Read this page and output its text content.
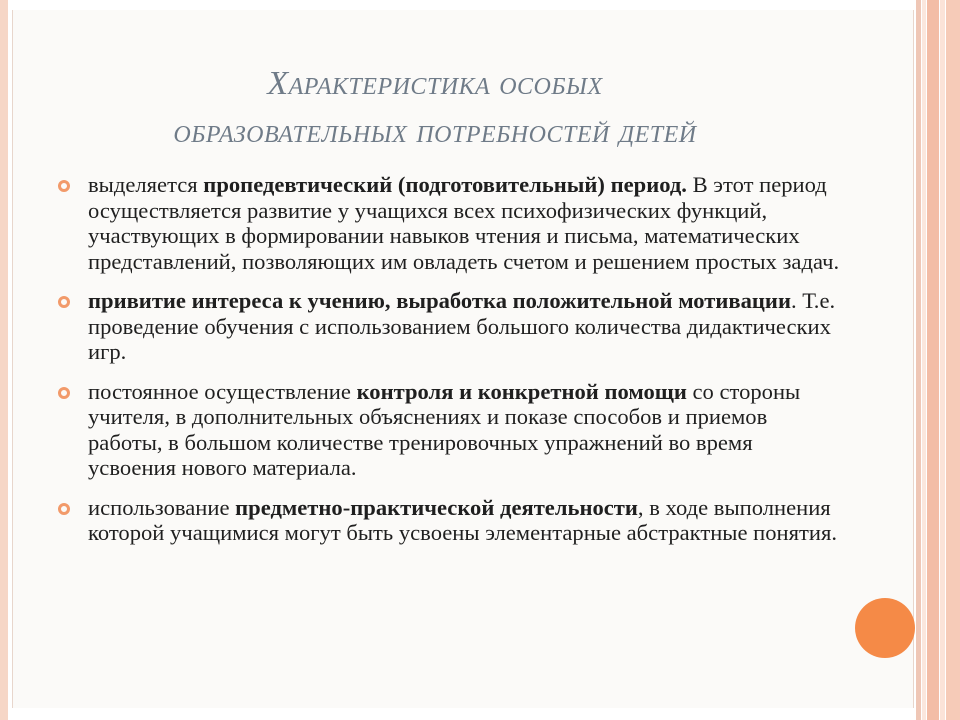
Характеристика особых
образовательных потребностей детей
выделяется пропедевтический (подготовительный) период. В этот период осуществляется развитие у учащихся всех психофизических функций, участвующих в формировании навыков чтения и письма, математических представлений, позволяющих им овладеть счетом и решением простых задач.
привитие интереса к учению, выработка положительной мотивации. Т.е. проведение обучения с использованием большого количества дидактических игр.
постоянное осуществление контроля и конкретной помощи со стороны учителя, в дополнительных объяснениях и показе способов и приемов работы, в большом количестве тренировочных упражнений во время усвоения нового материала.
использование предметно-практической деятельности, в ходе выполнения которой учащимися могут быть усвоены элементарные абстрактные понятия.
